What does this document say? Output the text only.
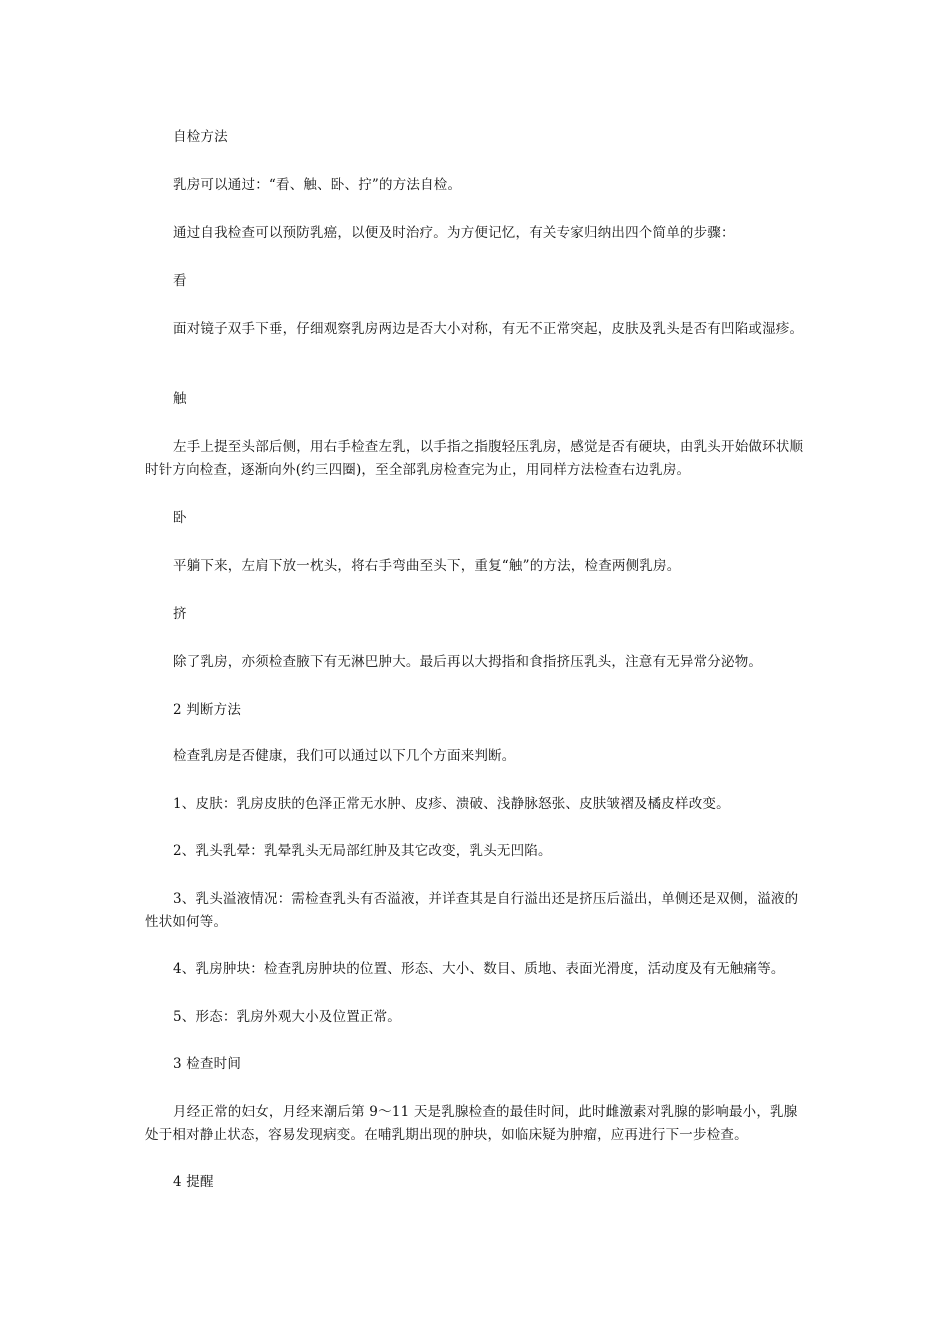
自检方法

乳房可以通过：“看、触、卧、拧”的方法自检。

通过自我检查可以预防乳癌，以便及时治疗。为方便记忆，有关专家归纳出四个简单的步骤：

看

面对镜子双手下垂，仔细观察乳房两边是否大小对称，有无不正常突起，皮肤及乳头是否有凹陷或湿疹。

触

左手上提至头部后侧，用右手检查左乳，以手指之指腹轻压乳房，感觉是否有硬块，由乳头开始做环状顺时针方向检查，逐渐向外(约三四圈)，至全部乳房检查完为止，用同样方法检查右边乳房。

卧

平躺下来，左肩下放一枕头，将右手弯曲至头下，重复“触”的方法，检查两侧乳房。

挤

除了乳房，亦须检查腋下有无淋巴肿大。最后再以大拇指和食指挤压乳头，注意有无异常分泌物。

2 判断方法

检查乳房是否健康，我们可以通过以下几个方面来判断。

1、皮肤：乳房皮肤的色泽正常无水肿、皮疹、溃破、浅静脉怒张、皮肤皱褶及橘皮样改变。

2、乳头乳晕：乳晕乳头无局部红肿及其它改变，乳头无凹陷。

3、乳头溢液情况：需检查乳头有否溢液，并详查其是自行溢出还是挤压后溢出，单侧还是双侧，溢液的性状如何等。

4、乳房肿块：检查乳房肿块的位置、形态、大小、数目、质地、表面光滑度，活动度及有无触痛等。

5、形态：乳房外观大小及位置正常。

3 检查时间

月经正常的妇女，月经来潮后第 9～11 天是乳腺检查的最佳时间，此时雌激素对乳腺的影响最小，乳腺处于相对静止状态，容易发现病变。在哺乳期出现的肿块，如临床疑为肿瘤，应再进行下一步检查。

4 提醒
